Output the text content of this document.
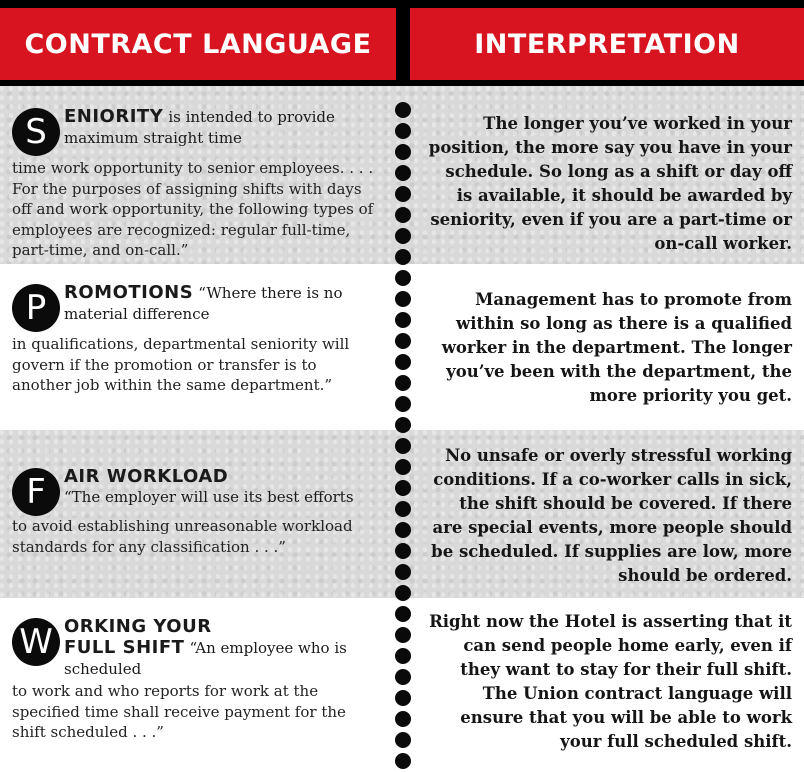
CONTRACT LANGUAGE	INTERPRETATION
S ENIORITY is intended to provide maximum straight time
time work opportunity to senior employees. . . . For the purposes of assigning shifts with days off and work opportunity, the following types of employees are recognized: regular full-time, part-time, and on-call.”
The longer you’ve worked in your position, the more say you have in your schedule. So long as a shift or day off is available, it should be awarded by seniority, even if you are a part-time or on-call worker.
P ROMOTIONS “Where there is no material difference
in qualifications, departmental seniority will govern if the promotion or transfer is to another job within the same department.”
Management has to promote from within so long as there is a qualified worker in the department. The longer you’ve been with the department, the more priority you get.
F	AIR WORKLOAD
“The employer will use its best efforts
to avoid establishing unreasonable workload standards for any classification . . .”
No unsafe or overly stressful working conditions. If a co-worker calls in sick, the shift should be covered. If there are special events, more people should be scheduled. If supplies are low, more should be ordered.
W ORKING YOUR
FULL SHIFT “An employee who is scheduled
to work and who reports for work at the specified time shall receive payment for the shift scheduled . . .”
Right now the Hotel is asserting that it can send people home early, even if they want to stay for their full shift. The Union contract language will ensure that you will be able to work your full scheduled shift.
